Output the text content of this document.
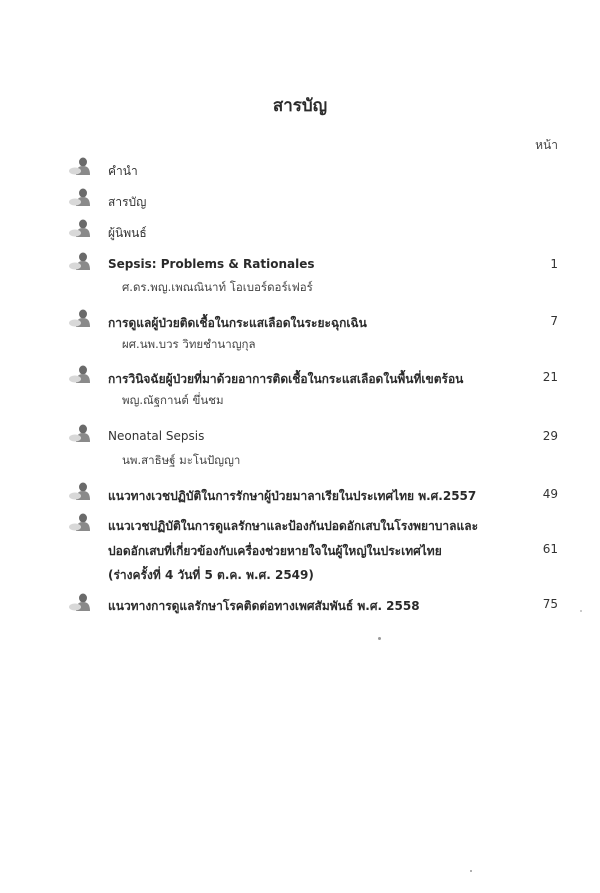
สารบัญ
หน้า
คำนำ
สารบัญ
ผู้นิพนธ์
Sepsis: Problems & Rationales	1
ศ.ดร.พญ.เพณณินาท์ โอเบอร์ดอร์เฟอร์
การดูแลผู้ป่วยติดเชื้อในกระแสเลือดในระยะฉุกเฉิน	7
ผศ.นพ.บวร วิทยชำนาญกุล
การวินิจฉัยผู้ป่วยที่มาด้วยอาการติดเชื้อในกระแสเลือดในพื้นที่เขตร้อน	21
พญ.ณัฐกานต์ ขึ่นชม
Neonatal Sepsis	29
นพ.สาธิษฐ์ มะโนปัญญา
แนวทางเวชปฏิบัติในการรักษาผู้ป่วยมาลาเรียในประเทศไทย พ.ศ.2557	49
แนวเวชปฏิบัติในการดูแลรักษาและป้องกันปอดอักเสบในโรงพยาบาลและ
ปอดอักเสบที่เกี่ยวข้องกับเครื่องช่วยหายใจในผู้ใหญ่ในประเทศไทย	61
(ร่างครั้งที่ 4 วันที่ 5 ต.ค. พ.ศ. 2549)
แนวทางการดูแลรักษาโรคติดต่อทางเพศสัมพันธ์ พ.ศ. 2558	75
